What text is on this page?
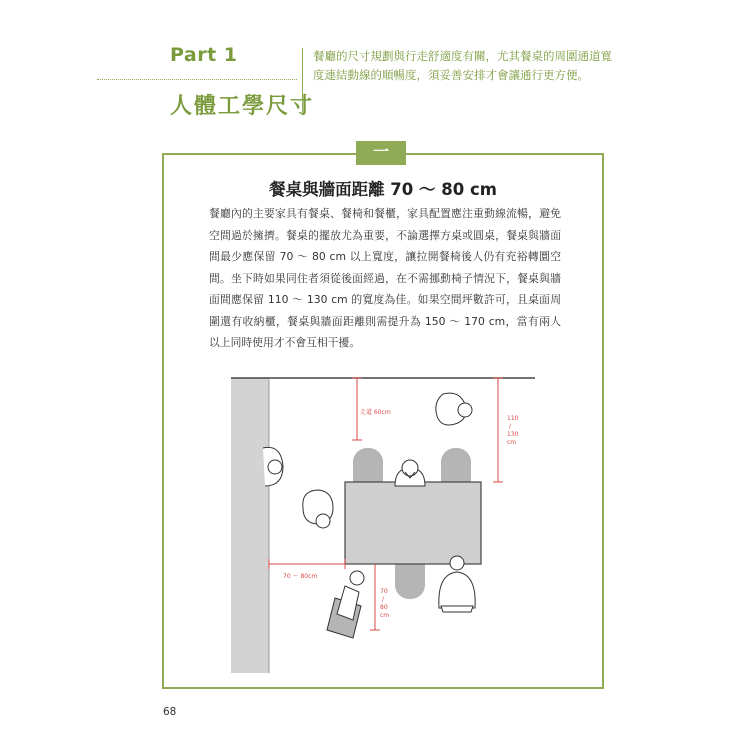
Part 1
人體工學尺寸
餐廳的尺寸規劃與行走舒適度有關，尤其餐桌的周圍通道寬度連結動線的順暢度，須妥善安排才會讓通行更方便。
一
餐桌與牆面距離 70 ～ 80 cm
餐廳內的主要家具有餐桌、餐椅和餐櫃，家具配置應注重動線流暢，避免空間過於擁擠。餐桌的擺放尤為重要，不論選擇方桌或圓桌，餐桌與牆面間最少應保留 70 ～ 80 cm 以上寬度，讓拉開餐椅後人仍有充裕轉圜空間。坐下時如果同住者須從後面經過，在不需挪動椅子情況下，餐桌與牆面間應保留 110 ～ 130 cm 的寬度為佳。如果空間坪數許可，且桌面周圍還有收納櫃，餐桌與牆面距離則需提升為 150 ～ 170 cm，當有兩人以上同時使用才不會互相干擾。
走道 60cm
110
/
130
cm
70 ～ 80cm
70
/
80
cm
68
